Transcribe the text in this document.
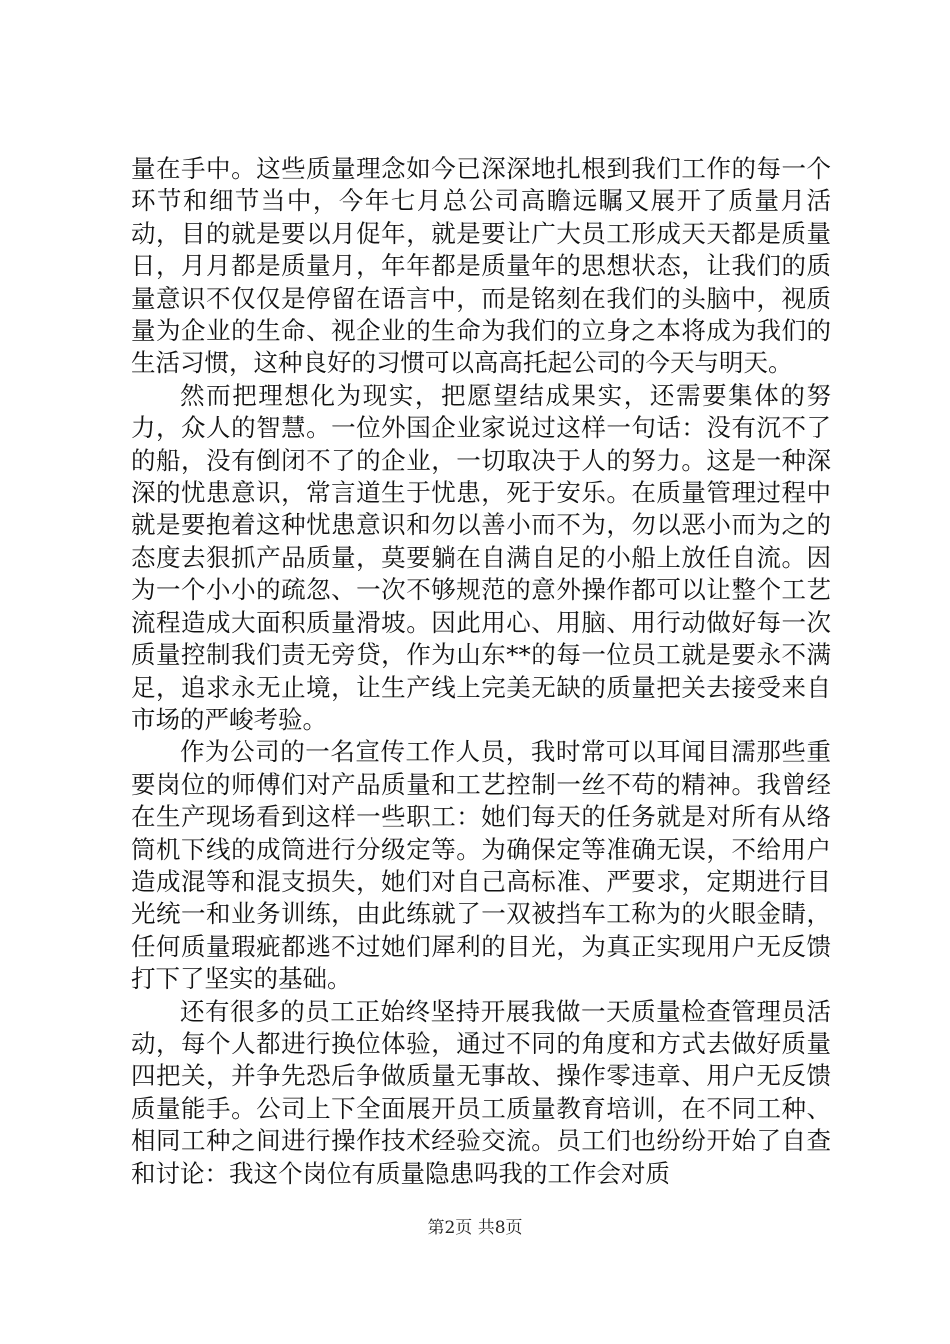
量在手中。这些质量理念如今已深深地扎根到我们工作的每一个环节和细节当中，今年七月总公司高瞻远瞩又展开了质量月活动，目的就是要以月促年，就是要让广大员工形成天天都是质量日，月月都是质量月，年年都是质量年的思想状态，让我们的质量意识不仅仅是停留在语言中，而是铭刻在我们的头脑中，视质量为企业的生命、视企业的生命为我们的立身之本将成为我们的生活习惯，这种良好的习惯可以高高托起公司的今天与明天。

然而把理想化为现实，把愿望结成果实，还需要集体的努力，众人的智慧。一位外国企业家说过这样一句话：没有沉不了的船，没有倒闭不了的企业，一切取决于人的努力。这是一种深深的忧患意识，常言道生于忧患，死于安乐。在质量管理过程中就是要抱着这种忧患意识和勿以善小而不为，勿以恶小而为之的态度去狠抓产品质量，莫要躺在自满自足的小船上放任自流。因为一个小小的疏忽、一次不够规范的意外操作都可以让整个工艺流程造成大面积质量滑坡。因此用心、用脑、用行动做好每一次质量控制我们责无旁贷，作为山东**的每一位员工就是要永不满足，追求永无止境，让生产线上完美无缺的质量把关去接受来自市场的严峻考验。

作为公司的一名宣传工作人员，我时常可以耳闻目濡那些重要岗位的师傅们对产品质量和工艺控制一丝不苟的精神。我曾经在生产现场看到这样一些职工：她们每天的任务就是对所有从络筒机下线的成筒进行分级定等。为确保定等准确无误，不给用户造成混等和混支损失，她们对自己高标准、严要求，定期进行目光统一和业务训练，由此练就了一双被挡车工称为的火眼金睛，任何质量瑕疵都逃不过她们犀利的目光，为真正实现用户无反馈打下了坚实的基础。

还有很多的员工正始终坚持开展我做一天质量检查管理员活动，每个人都进行换位体验，通过不同的角度和方式去做好质量四把关，并争先恐后争做质量无事故、操作零违章、用户无反馈质量能手。公司上下全面展开员工质量教育培训，在不同工种、相同工种之间进行操作技术经验交流。员工们也纷纷开始了自查和讨论：我这个岗位有质量隐患吗我的工作会对质

第2页 共8页
